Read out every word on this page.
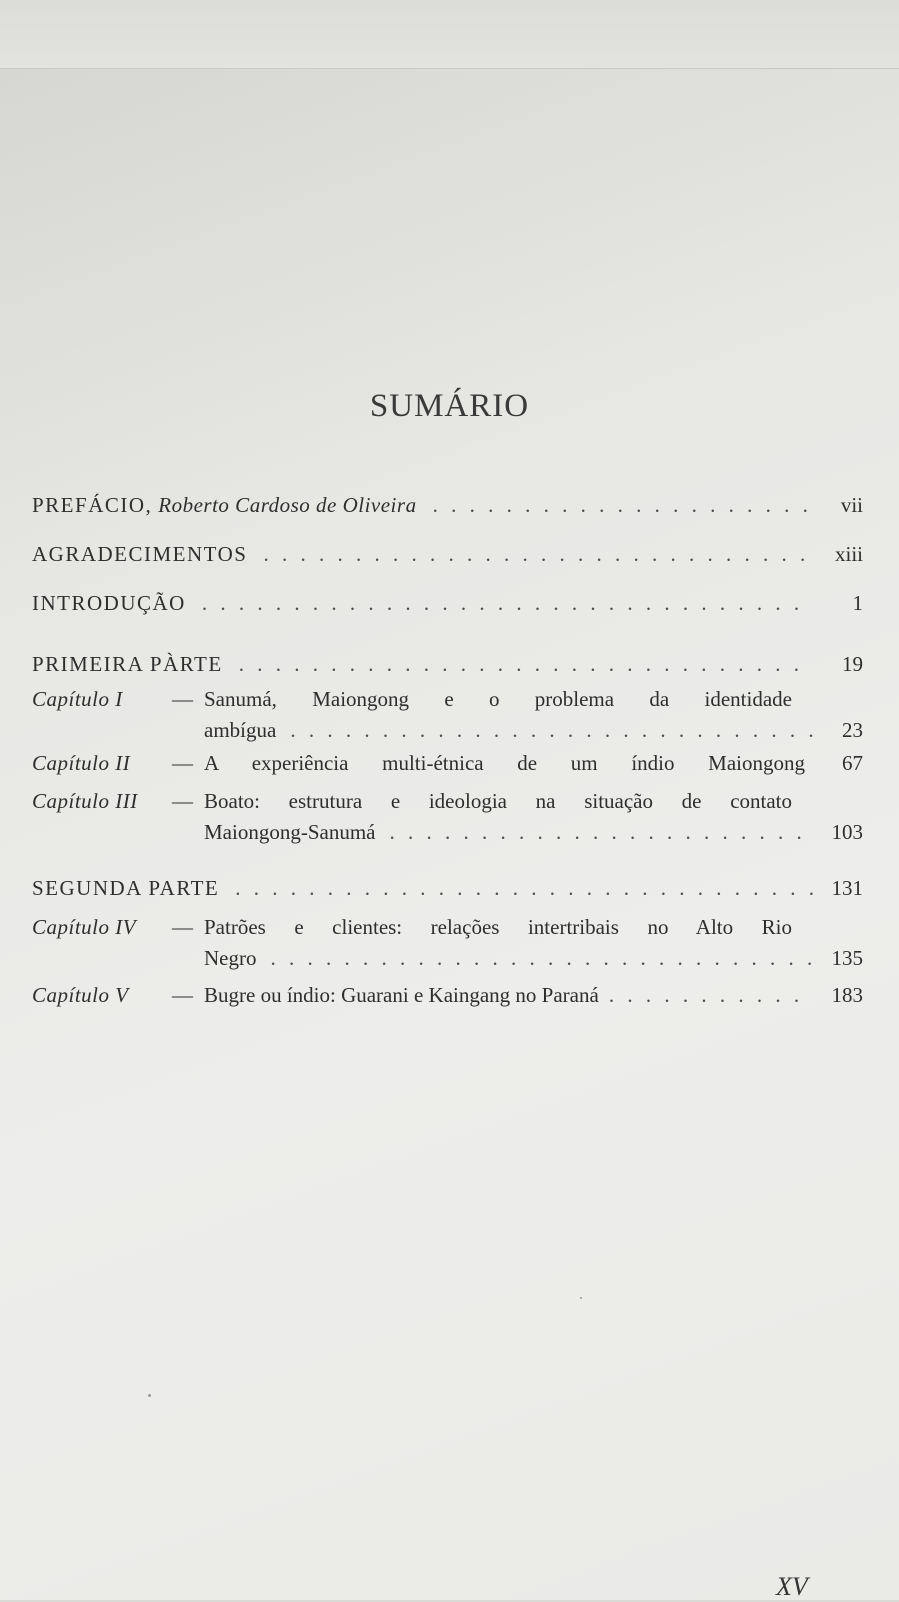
SUMÁRIO
PREFÁCIO, Roberto Cardoso de Oliveira . . .	vii
AGRADECIMENTOS . . .	xiii
INTRODUÇÃO . . .	1
PRIMEIRA PÀRTE . . .	19
Capítulo I — Sanumá, Maiongong e o problema da identidade
ambígua . . .	23
Capítulo II — A experiência multi-étnica de um índio Maiongong	67
Capítulo III — Boato: estrutura e ideologia na situação de contato
Maiongong-Sanumá . . .	103
SEGUNDA PARTE . . .	131
Capítulo IV — Patrões e clientes: relações intertribais no Alto Rio
Negro . . .	135
Capítulo V — Bugre ou índio: Guarani e Kaingang no Paraná . . .	183
XV
